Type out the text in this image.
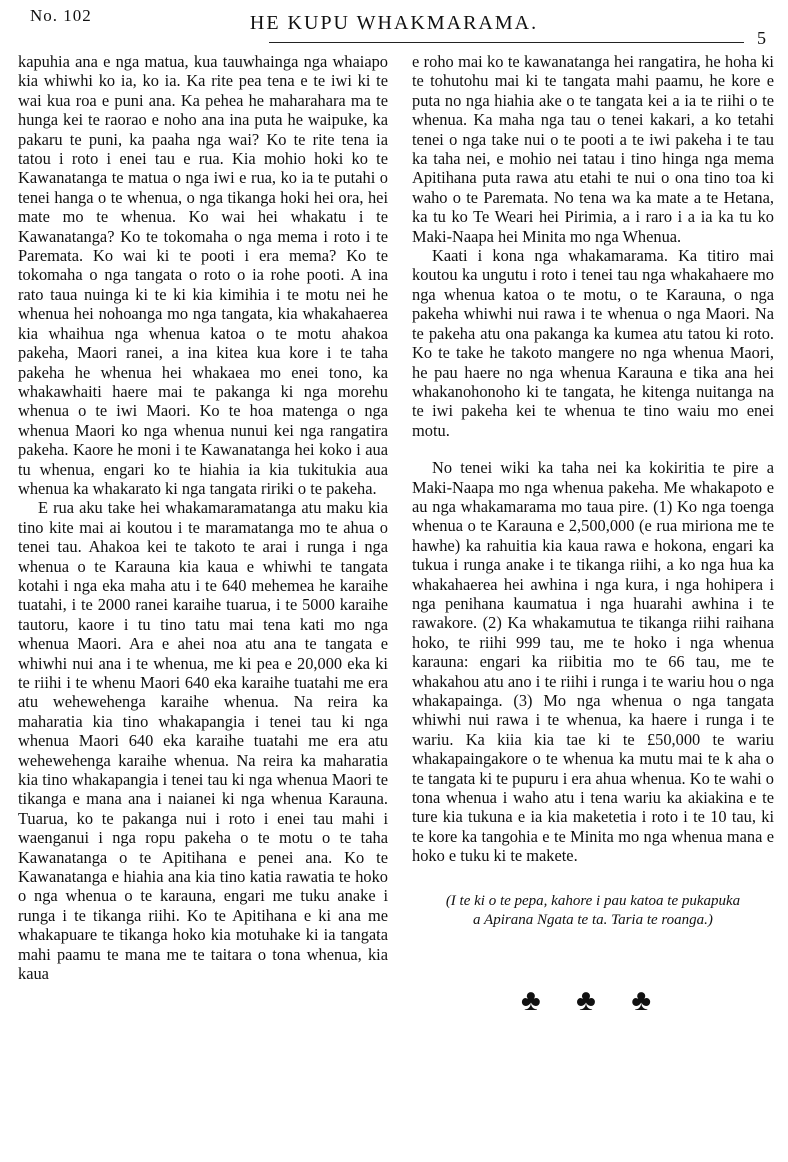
No. 102	HE KUPU WHAKMARAMA.
5

kapuhia ana e nga matua, kua tauwhainga nga whaiapo kia whiwhi ko ia, ko ia. Ka rite pea tena e te iwi ki te wai kua roa e puni ana. Ka pehea he maharahara ma te hunga kei te raorao e noho ana ina puta he waipuke, ka pakaru te puni, ka paaha nga wai? Ko te rite tena ia tatou i roto i enei tau e rua. Kia mohio hoki ko te Kawanatanga te matua o nga iwi e rua, ko ia te putahi o tenei hanga o te whenua, o nga tikanga hoki hei ora, hei mate mo te whenua. Ko wai hei whakatu i te Kawanatanga? Ko te tokomaha o nga mema i roto i te Paremata. Ko wai ki te pooti i era mema? Ko te tokomaha o nga tangata o roto o ia rohe pooti. A ina rato taua nuinga ki te ki kia kimihia i te motu nei he whenua hei nohoanga mo nga tangata, kia whakahaerea kia whaihua nga whenua katoa o te motu ahakoa pakeha, Maori ranei, a ina kitea kua kore i te taha pakeha he whenua hei whakaea mo enei tono, ka whakawhaiti haere mai te pakanga ki nga morehu whenua o te iwi Maori. Ko te hoa matenga o nga whenua Maori ko nga whenua nunui kei nga rangatira pakeha. Kaore he moni i te Kawanatanga hei koko i aua tu whenua, engari ko te hiahia ia kia tukitukia aua whenua ka whakarato ki nga tangata ririki o te pakeha.

E rua aku take hei whakamaramatanga atu maku kia tino kite mai ai koutou i te maramatanga mo te ahua o tenei tau. Ahakoa kei te takoto te arai i runga i nga whenua o te Karauna kia kaua e whiwhi te tangata kotahi i nga eka maha atu i te 640 mehemea he karaihe tuatahi, i te 2000 ranei karaihe tuarua, i te 5000 karaihe tautoru, kaore i tu tino tatu mai tena kati mo nga whenua Maori. Ara e ahei noa atu ana te tangata e whiwhi nui ana i te whenua, me ki pea e 20,000 eka ki te riihi i te whenu Maori 640 eka karaihe tuatahi me era atu wehewehenga karaihe whenua. Na reira ka maharatia kia tino whakapangia i tenei tau ki nga whenua Maori 640 eka karaihe tuatahi me era atu wehewehenga karaihe whenua. Na reira ka maharatia kia tino whakapangia i tenei tau ki nga whenua Maori te tikanga e mana ana i naianei ki nga whenua Karauna. Tuarua, ko te pakanga nui i roto i enei tau mahi i waenganui i nga ropu pakeha o te motu o te taha Kawanatanga o te Apitihana e penei ana. Ko te Kawanatanga e hiahia ana kia tino katia rawatia te hoko o nga whenua o te karauna, engari me tuku anake i runga i te tikanga riihi. Ko te Apitihana e ki ana me whakapuare te tikanga hoko kia motuhake ki ia tangata mahi paamu te mana me te taitara o tona whenua, kia kaua

e roho mai ko te kawanatanga hei rangatira, he hoha ki te tohutohu mai ki te tangata mahi paamu, he kore e puta no nga hiahia ake o te tangata kei a ia te riihi o te whenua. Ka maha nga tau o tenei kakari, a ko tetahi tenei o nga take nui o te pooti a te iwi pakeha i te tau ka taha nei, e mohio nei tatau i tino hinga nga mema Apitihana puta rawa atu etahi te nui o ona tino toa ki waho o te Paremata. No tena wa ka mate a te Hetana, ka tu ko Te Weari hei Pirimia, a i raro i a ia ka tu ko Maki-Naapa hei Minita mo nga Whenua.

Kaati i kona nga whakamarama. Ka titiro mai koutou ka ungutu i roto i tenei tau nga whakahaere mo nga whenua katoa o te motu, o te Karauna, o nga pakeha whiwhi nui rawa i te whenua o nga Maori. Na te pakeha atu ona pakanga ka kumea atu tatou ki roto. Ko te take he takoto mangere no nga whenua Maori, he pau haere no nga whenua Karauna e tika ana hei whakanohonoho ki te tangata, he kitenga nuitanga na te iwi pakeha kei te whenua te tino waiu mo enei motu.

No tenei wiki ka taha nei ka kokiritia te pire a Maki-Naapa mo nga whenua pakeha. Me whakapoto e au nga whakamarama mo taua pire. (1) Ko nga toenga whenua o te Karauna e 2,500,000 (e rua miriona me te hawhe) ka rahuitia kia kaua rawa e hokona, engari ka tukua i runga anake i te tikanga riihi, a ko nga hua ka whakahaerea hei awhina i nga kura, i nga hohipera i nga penihana kaumatua i nga huarahi awhina i te rawakore. (2) Ka whakamutua te tikanga riihi raihana hoko, te riihi 999 tau, me te hoko i nga whenua karauna: engari ka riibitia mo te 66 tau, me te whakahou atu ano i te riihi i runga i te wariu hou o nga whakapainga. (3) Mo nga whenua o nga tangata whiwhi nui rawa i te whenua, ka haere i runga i te wariu. Ka kiia kia tae ki te £50,000 te wariu whakapaingakore o te whenua ka mutu mai te k aha o te tangata ki te pupuru i era ahua whenua. Ko te wahi o tona whenua i waho atu i tena wariu ka akiakina e te ture kia tukuna e ia kia maketetia i roto i te 10 tau, ki te kore ka tangohia e te Minita mo nga whenua mana e hoko e tuku ki te makete.

(I te ki o te pepa, kahore i pau katoa te pukapuka
a Apirana Ngata te ta. Taria te roanga.)
♣ ♣ ♣
